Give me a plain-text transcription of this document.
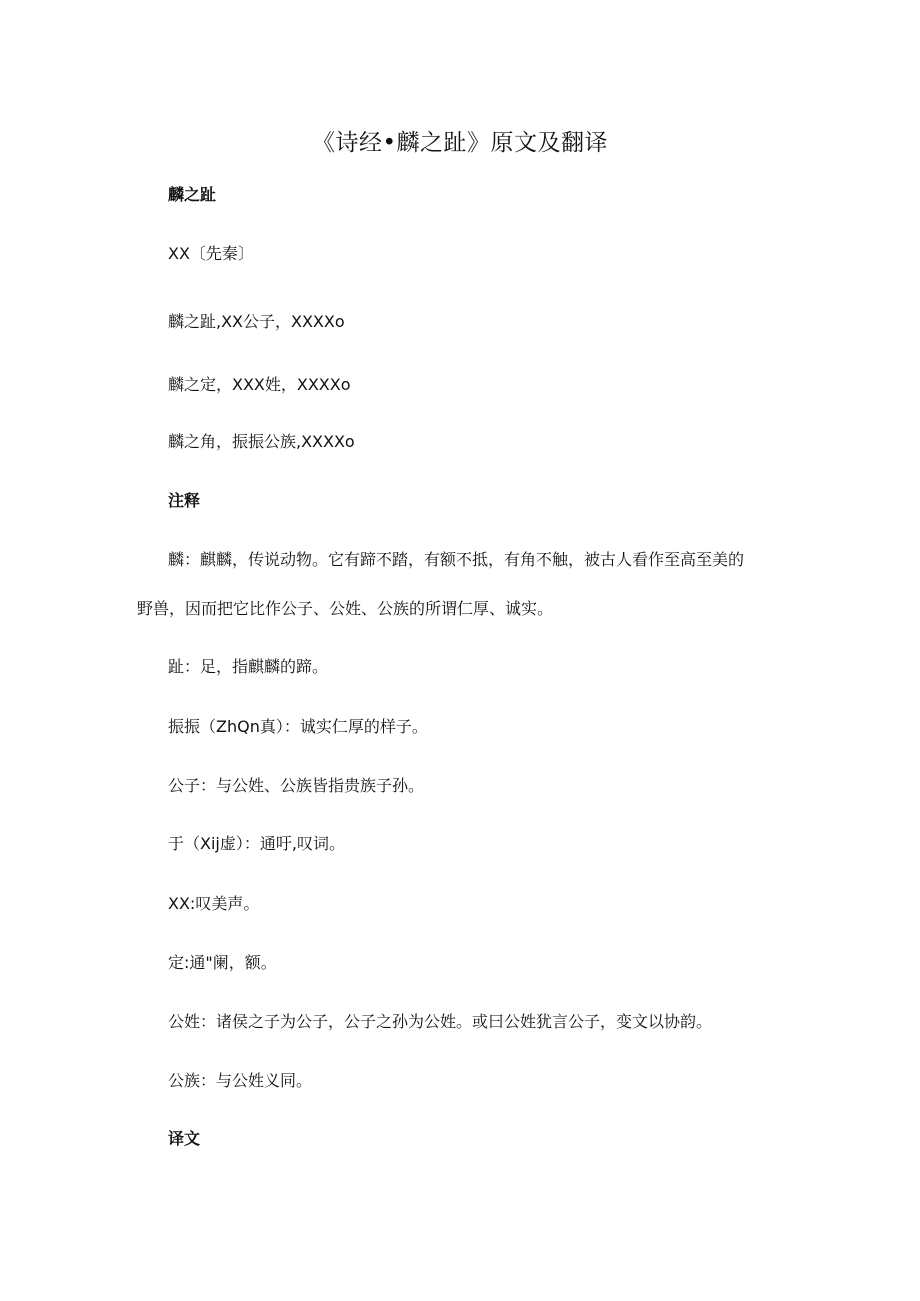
《诗经•麟之趾》原文及翻译
麟之趾
XX〔先秦〕
麟之趾,XX公子，XXXXo
麟之定，XXX姓，XXXXo
麟之角，振振公族,XXXXo
注释
麟：麒麟，传说动物。它有蹄不踏，有额不抵，有角不触，被古人看作至高至美的
野兽，因而把它比作公子、公姓、公族的所谓仁厚、诚实。
趾：足，指麒麟的蹄。
振振（ZhQn真）：诚实仁厚的样子。
公子：与公姓、公族皆指贵族子孙。
于（Xij虚）：通吁,叹词。
XX:叹美声。
定:通"阑，额。
公姓：诸侯之子为公子，公子之孙为公姓。或曰公姓犹言公子，变文以协韵。
公族：与公姓义同。
译文
